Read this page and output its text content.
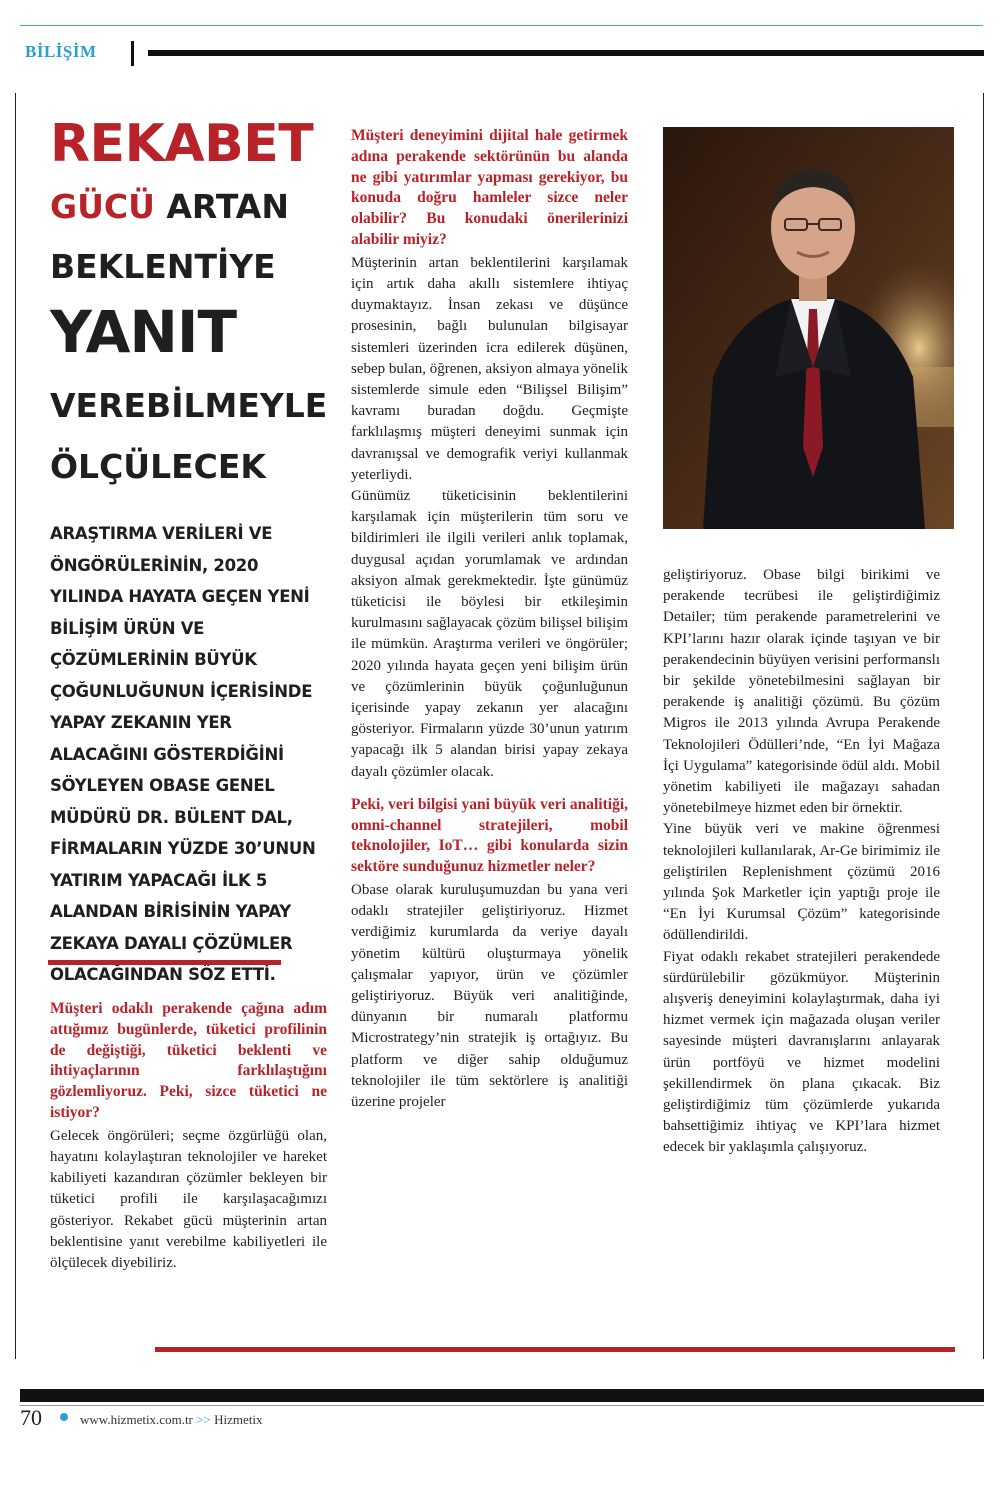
BİLİŞİM
REKABET
GÜCÜ ARTAN
BEKLENTİYE
YANIT
VEREBİLMEYLE
ÖLÇÜLECEK
ARAŞTIRMA VERİLERİ VE ÖNGÖRÜLERİNİN, 2020 YILINDA HAYATA GEÇEN YENİ BİLİŞİM ÜRÜN VE ÇÖZÜMLERİNİN BÜYÜK ÇOĞUNLUĞUNUN İÇERİSİNDE YAPAY ZEKANIN YER ALACAĞINI GÖSTERDİĞİNİ SÖYLEYEN OBASE GENEL MÜDÜRÜ DR. BÜLENT DAL, FİRMALARIN YÜZDE 30’UNUN YATIRIM YAPACAĞI İLK 5 ALANDAN BİRİSİNİN YAPAY ZEKAYA DAYALI ÇÖZÜMLER OLACAĞINDAN SÖZ ETTİ.

Müşteri odaklı perakende çağına adım attığımız bugünlerde, tüketici profilinin de değiştiği, tüketici beklenti ve ihtiyaçlarının farklılaştığını gözlemliyoruz. Peki, sizce tüketici ne istiyor?

Gelecek öngörüleri; seçme özgürlüğü olan, hayatını kolaylaştıran teknolojiler ve hareket kabiliyeti kazandıran çözümler bekleyen bir tüketici profili ile karşılaşacağımızı gösteriyor. Rekabet gücü müşterinin artan beklentisine yanıt verebilme kabiliyetleri ile ölçülecek diyebiliriz.

Müşteri deneyimini dijital hale getirmek adına perakende sektörünün bu alanda ne gibi yatırımlar yapması gerekiyor, bu konuda doğru hamleler sizce neler olabilir? Bu konudaki önerilerinizi alabilir miyiz?

Müşterinin artan beklentilerini karşılamak için artık daha akıllı sistemlere ihtiyaç duymaktayız. İnsan zekası ve düşünce prosesinin, bağlı bulunulan bilgisayar sistemleri üzerinden icra edilerek düşünen, sebep bulan, öğrenen, aksiyon almaya yönelik sistemlerde simule eden “Bilişsel Bilişim” kavramı buradan doğdu. Geçmişte farklılaşmış müşteri deneyimi sunmak için davranışsal ve demografik veriyi kullanmak yeterliydi.

Günümüz tüketicisinin beklentilerini karşılamak için müşterilerin tüm soru ve bildirimleri ile ilgili verileri anlık toplamak, duygusal açıdan yorumlamak ve ardından aksiyon almak gerekmektedir. İşte günümüz tüketicisi ile böylesi bir etkileşimin kurulmasını sağlayacak çözüm bilişsel bilişim ile mümkün. Araştırma verileri ve öngörüler; 2020 yılında hayata geçen yeni bilişim ürün ve çözümlerinin büyük çoğunluğunun içerisinde yapay zekanın yer alacağını gösteriyor. Firmaların yüzde 30’unun yatırım yapacağı ilk 5 alandan birisi yapay zekaya dayalı çözümler olacak.

Peki, veri bilgisi yani büyük veri analitiği, omni-channel stratejileri, mobil teknolojiler, IoT… gibi konularda sizin sektöre sunduğunuz hizmetler neler?

Obase olarak kuruluşumuzdan bu yana veri odaklı stratejiler geliştiriyoruz. Hizmet verdiğimiz kurumlarda da veriye dayalı yönetim kültürü oluşturmaya yönelik çalışmalar yapıyor, ürün ve çözümler geliştiriyoruz. Büyük veri analitiğinde, dünyanın bir numaralı platformu Microstrategy’nin stratejik iş ortağıyız. Bu platform ve diğer sahip olduğumuz teknolojiler ile tüm sektörlere iş analitiği üzerine projeler

geliştiriyoruz. Obase bilgi birikimi ve perakende tecrübesi ile geliştirdiğimiz Detailer; tüm perakende parametrelerini ve KPI’larını hazır olarak içinde taşıyan ve bir perakendecinin büyüyen verisini performanslı bir şekilde yönetebilmesini sağlayan bir perakende iş analitiği çözümü. Bu çözüm Migros ile 2013 yılında Avrupa Perakende Teknolojileri Ödülleri’nde, “En İyi Mağaza İçi Uygulama” kategorisinde ödül aldı. Mobil yönetim kabiliyeti ile mağazayı sahadan yönetebilmeye hizmet eden bir örnektir.

Yine büyük veri ve makine öğrenmesi teknolojileri kullanılarak, Ar-Ge birimimiz ile geliştirilen Replenishment çözümü 2016 yılında Şok Marketler için yaptığı proje ile “En İyi Kurumsal Çözüm” kategorisinde ödüllendirildi.

Fiyat odaklı rekabet stratejileri perakendede sürdürülebilir gözükmüyor. Müşterinin alışveriş deneyimini kolaylaştırmak, daha iyi hizmet vermek için mağazada oluşan veriler sayesinde müşteri davranışlarını anlayarak ürün portföyü ve hizmet modelini şekillendirmek ön plana çıkacak. Biz geliştirdiğimiz tüm çözümlerde yukarıda bahsettiğimiz ihtiyaç ve KPI’lara hizmet edecek bir yaklaşımla çalışıyoruz.

70	www.hizmetix.com.tr >> Hizmetix
